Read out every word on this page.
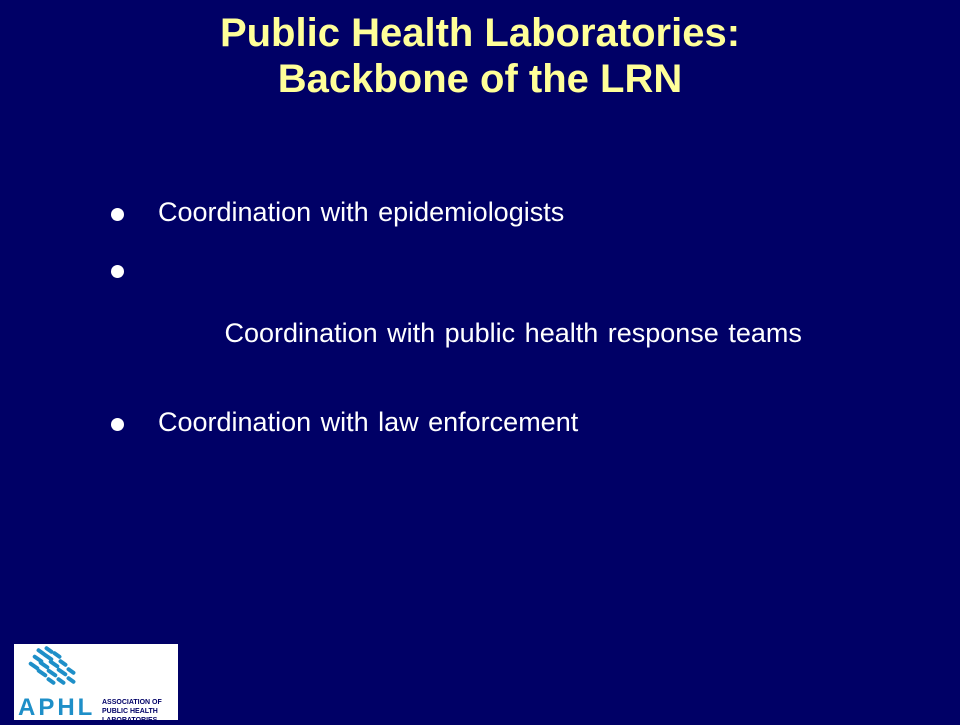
Public Health Laboratories:
Backbone of the LRN
Coordination with epidemiologists

Coordination with public health response teams

Coordination with law enforcement
APHL ASSOCIATION OF
PUBLIC HEALTH LABORATORIES
